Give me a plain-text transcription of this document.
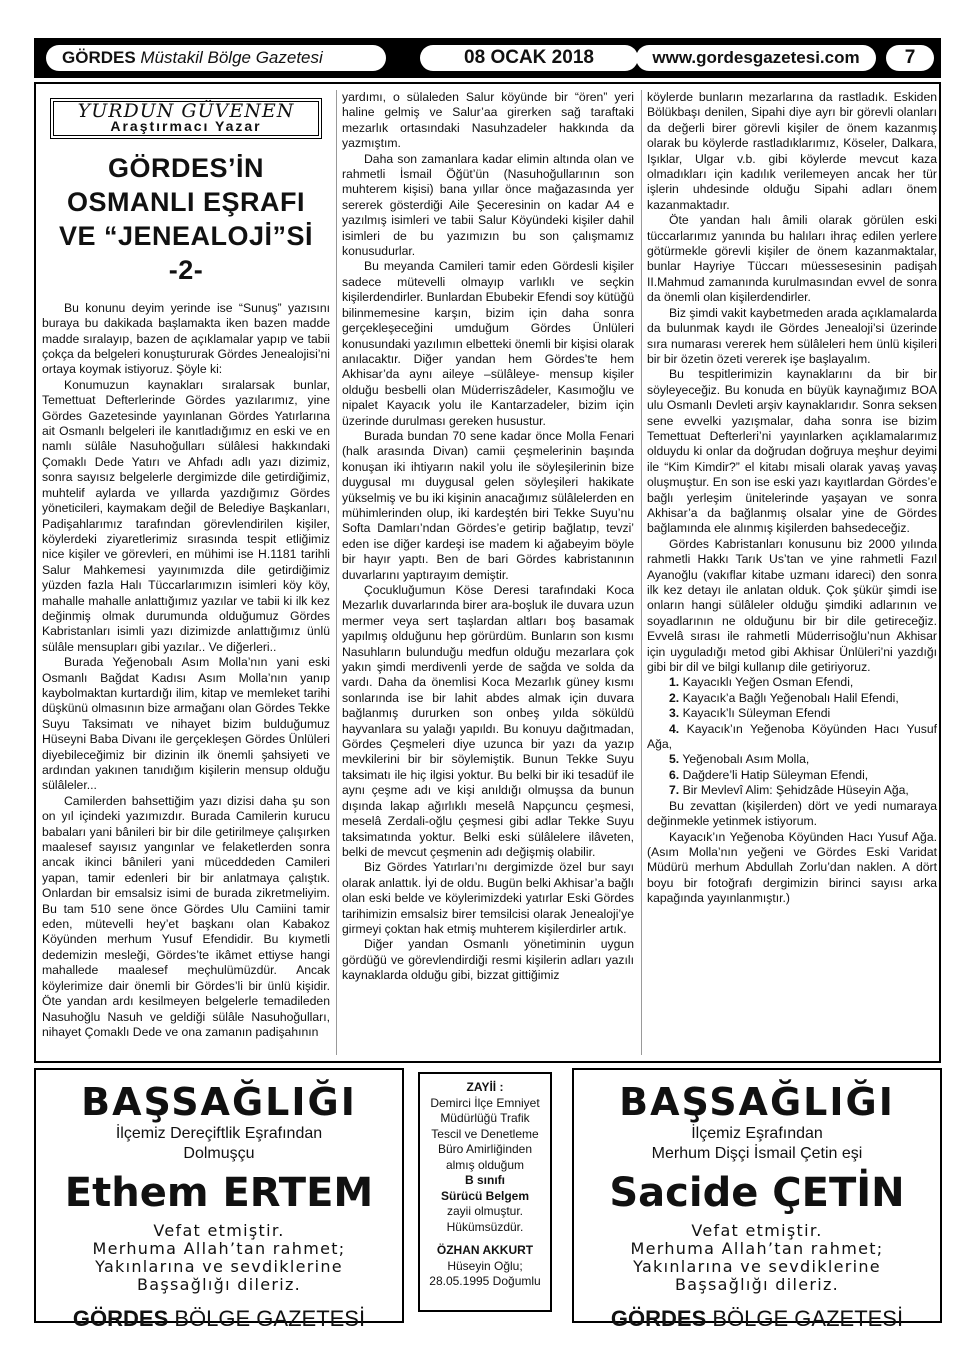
GÖRDES Müstakil Bölge Gazetesi	08 OCAK 2018	www.gordesgazetesi.com	7
YURDUN GÜVENEN
Araştırmacı Yazar
GÖRDES’İN
OSMANLI EŞRAFI
VE “JENEALOJİ”Sİ -2-

Bu konunu deyim yerinde ise “Sunuş” yazısını buraya bu dakikada başlamakta iken bazen madde madde sıralayıp, bazen de açıklamalar yapıp ve tabii çokça da belgeleri konuştururak Gördes Jenealojisi’ni ortaya koymak istiyoruz. Şöyle ki:

Konumuzun kaynakları sıralarsak bunlar, Temettuat Defterlerinde Gördes yazılarımız, yine Gördes Gazetesinde yayınlanan Gördes Yatırlarına ait Osmanlı belgeleri ile kanıtladığımız en eski ve en namlı sülâle Nasuhoğulları sülâlesi hakkındaki Çomaklı Dede Yatırı ve Ahfadı adlı yazı dizimiz, sonra sayısız belgelerle dergimizde dile getirdiğimiz, muhtelif aylarda ve yıllarda yazdığımız Gördes yöneticileri, kaymakam değil de Belediye Başkanları, Padişahlarımız tarafından görevlendirilen kişiler, köylerdeki ziyaretlerimiz sırasında tespit etliğimiz nice kişiler ve görevleri, en mühimi ise H.1181 tarihli Salur Mahkemesi yayınımızda dile getirdiğimiz yüzden fazla Halı Tüccarlarımızın isimleri köy köy, mahalle mahalle anlattığımız yazılar ve tabii ki ilk kez değinmiş olmak durumunda olduğumuz Gördes Kabristanları isimli yazı dizimizde anlattığımız ünlü sülâle mensupları gibi yazılar.. Ve diğerleri..

Burada Yeğenobalı Asım Molla’nın yani eski Osmanlı Bağdat Kadısı Asım Molla’nın yanıp kaybolmaktan kurtardığı ilim, kitap ve memleket tarihi düşkünü olmasının bize armağanı olan Gördes Tekke Suyu Taksimatı ve nihayet bizim bulduğumuz Hüseyni Baba Divanı ile gerçekleşen Gördes Ünlüleri diyebileceğimiz bir dizinin ilk önemli şahsiyeti ve ardından yakınen tanıdığım kişilerin mensup olduğu sülâleler...

Camilerden bahsettiğim yazı dizisi daha şu son on yıl içindeki yazımızdır. Burada Camilerin kurucu babaları yani bânileri bir bir dile getirilmeye çalışırken maalesef sayısız yangınlar ve felaketlerden sonra ancak ikinci bânileri yani müceddeden Camileri yapan, tamir edenleri bir bir anlatmaya çalıştık. Onlardan bir emsalsiz isimi de burada zikretmeliyim. Bu tam 510 sene önce Gördes Ulu Camiini tamir eden, mütevelli hey’et başkanı olan Kabakoz Köyünden merhum Yusuf Efendidir. Bu kıymetli dedemizin mesleği, Gördes’te ikâmet ettiyse hangi mahallede maalesef meçhulümüzdür. Ancak köylerimize dair önemli bir Gördes’li bir ünlü kişidir. Öte yandan ardı kesilmeyen belgelerle temadileden Nasuhoğlu Nasuh ve geldiği sülâle Nasuhoğulları, nihayet Çomaklı Dede ve ona zamanın padişahının

yardımı, o sülaleden Salur köyünde bir “ören” yeri haline gelmiş ve Salur’aa girerken sağ taraftaki mezarlık ortasındaki Nasuhzadeler hakkında da yazmıştım.

Daha son zamanlara kadar elimin altında olan ve rahmetli İsmail Öğüt’ün (Nasuhoğullarının son muhterem kişisi) bana yıllar önce mağazasında yer sererek gösterdiği Aile Şeceresinin on kadar A4 e yazılmış isimleri ve tabii Salur Köyündeki kişiler dahil isimleri de bu yazımızın bu son çalışmamız konusudurlar.

Bu meyanda Camileri tamir eden Gördesli kişiler sadece mütevelli olmayıp varlıklı ve seçkin kişilerdendirler. Bunlardan Ebubekir Efendi soy kütüğü bilinmemesine karşın, bizim için daha sonra gerçekleşeceğini umduğum Gördes Ünlüleri konusundaki yazılımın elbetteki önemli bir kişisi olarak anılacaktır. Diğer yandan hem Gördes’te hem Akhisar’da aynı aileye –sülâleye- mensup kişiler olduğu besbelli olan Müderriszâdeler, Kasımoğlu ve nipalet Kayacık yolu ile Kantarzadeler, bizim için üzerinde durulması gereken husustur.

Burada bundan 70 sene kadar önce Molla Fenari (halk arasında Divan) camii çeşmelerinin başında konuşan iki ihtiyarın nakil yolu ile söyleşilerinin bize duygusal mı duygusal gelen söyleşileri hakikate yükselmiş ve bu iki kişinin anacağımız sülâlelerden en mühimlerinden olup, iki kardeştén biri Tekke Suyu’nu Softa Damları’ndan Gördes’e getirip bağlatıp, tevzi’ eden ise diğer kardeşi ise madem ki ağabeyim böyle bir hayır yaptı. Ben de bari Gördes kabristanının duvarlarını yaptırayım demiştir.

Çocukluğumun Köse Deresi tarafındaki Koca Mezarlık duvarlarında birer ara-boşluk ile duvara uzun mermer veya sert taşlardan altları boş basamak yapılmış olduğunu hep görürdüm. Bunların son kısmı Nasuhların bulunduğu medfun olduğu mezarlara çok yakın şimdi merdivenli yerde de sağda ve solda da vardı. Daha da önemlisi Koca Mezarlık güney kısmı sonlarında ise bir lahit abdes almak için duvara bağlanmış dururken son onbeş yılda söküldü hayvanlara su yalağı yapıldı. Bu konuyu dağıtmadan, Gördes Çeşmeleri diye uzunca bir yazı da yazıp mevkilerini bir bir söylemiştik. Bunun Tekke Suyu taksimatı ile hiç ilgisi yoktur. Bu belki bir iki tesadüf ile aynı çeşme adı ve kişi anıldığı olmuşsa da bunun dışında lakap ağırlıklı meselâ Napçuncu çeşmesi, meselâ Zerdali-oğlu çeşmesi gibi adlar Tekke Suyu taksimatında yoktur. Belki eski sülâlelere ilâveten, belki de mevcut çeşmenin adı değişmiş olabilir.

Biz Gördes Yatırları’nı dergimizde özel bur sayı olarak anlattık. İyi de oldu. Bugün belki Akhisar’a bağlı olan eski belde ve köylerimizdeki yatırlar Eski Gördes tarihimizin emsalsiz birer temsilcisi olarak Jenealoji’ye girmeyi çoktan hak etmiş muhterem kişilerdirler artık.

Diğer yandan Osmanlı yönetiminin uygun gördüğü ve görevlendirdiği resmi kişilerin adları yazılı kaynaklarda olduğu gibi, bizzat gittiğimiz

köylerde bunların mezarlarına da rastladık. Eskiden Bölükbaşı denilen, Sipahi diye ayrı bir görevli olanları da değerli birer görevli kişiler de önem kazanmış olarak bu köylerde rastladıklarımız, Köseler, Dalkara, Işıklar, Ulgar v.b. gibi köylerde mevcut kaza olmadıkları için kadılık verilemeyen ancak her tür işlerin uhdesinde olduğu Sipahi adları önem kazanmaktadır.

Öte yandan halı âmili olarak görülen eski tüccarlarımız yanında bu halıları ihraç edilen yerlere götürmekle görevli kişiler de önem kazanmaktalar, bunlar Hayriye Tüccarı müessesesinin padişah II.Mahmud zamanında kurulmasından evvel de sonra da önemli olan kişilerdendirler.

Biz şimdi vakit kaybetmeden arada açıklamalarda da bulunmak kaydı ile Gördes Jenealoji’si üzerinde sıra numarası vererek hem sülâleleri hem ünlü kişileri bir bir özetin özeti vererek işe başlayalım.

Bu tespitlerimizin kaynaklarını da bir bir söyleyeceğiz. Bu konuda en büyük kaynağımız BOA ulu Osmanlı Devleti arşiv kaynaklarıdır. Sonra seksen sene evvelki yazışmalar, daha sonra ise bizim Temettuat Defterleri’ni yayınlarken açıklamalarımız olduydu ki onlar da doğrudan doğruya meşhur deyimi ile “Kim Kimdir?” el kitabı misali olarak yavaş yavaş oluşmuştur. En son ise eski yazı kayıtlardan Gördes’e bağlı yerleşim ünitelerinde yaşayan ve sonra Akhisar’a da bağlanmış olsalar yine de Gördes bağlamında ele alınmış kişilerden bahsedeceğiz.

Gördes Kabristanları konusunu biz 2000 yılında rahmetli Hakkı Tarık Us’tan ve yine rahmetli Fazıl Ayanoğlu (vakıflar kitabe uzmanı idareci) den sonra ilk kez detayı ile anlatan olduk. Çok şükür şimdi ise onların hangi sülâleler olduğu şimdiki adlarının ve soyadlarının ne olduğunu bir bir dile getireceğiz. Evvelâ sırası ile rahmetli Müderrisoğlu’nun Akhisar için uyguladığı metod gibi Akhisar Ünlüleri’ni yazdığı gibi bir dil ve bilgi kullanıp dile getiriyoruz.

1. Kayacıklı Yeğen Osman Efendi,

2. Kayacık’a Bağlı Yeğenobalı Halil Efendi,

3. Kayacık’lı Süleyman Efendi

4. Kayacık’ın Yeğenoba Köyünden Hacı Yusuf Ağa,

5. Yeğenobalı Asım Molla,

6. Dağdere’li Hatip Süleyman Efendi,

7. Bir Mevlevî Alim: Şehidzâde Hüseyin Ağa,

Bu zevattan (kişilerden) dört ve yedi numaraya değinmekle yetinmek istiyorum.

Kayacık’ın Yeğenoba Köyünden Hacı Yusuf Ağa. (Asım Molla’nın yeğeni ve Gördes Eski Varidat Müdürü merhum Abdullah Zorlu’dan naklen. A dört boyu bir fotoğrafı dergimizin birinci sayısı arka kapağında yayınlanmıştır.)

BAŞSAĞLIĞI
İlçemiz Dereçiftlik Eşrafından
Dolmuşçu
Ethem ERTEM
Vefat etmiştir.
Merhuma Allah’tan rahmet;
Yakınlarına ve sevdiklerine
Başsağlığı dileriz.
GÖRDES BÖLGE GAZETESİ
ZAYİİ :
Demirci İlçe Emniyet
Müdürlüğü Trafik
Tescil ve Denetleme
Büro Amirliğinden
almış olduğum
B sınıfı
Sürücü Belgem
zayii olmuştur.
Hükümsüzdür.
ÖZHAN AKKURT
Hüseyin Oğlu;
28.05.1995 Doğumlu
BAŞSAĞLIĞI
İlçemiz Eşrafından
Merhum Dişçi İsmail Çetin eşi
Sacide ÇETİN
Vefat etmiştir.
Merhuma Allah’tan rahmet;
Yakınlarına ve sevdiklerine
Başsağlığı dileriz.
GÖRDES BÖLGE GAZETESİ
